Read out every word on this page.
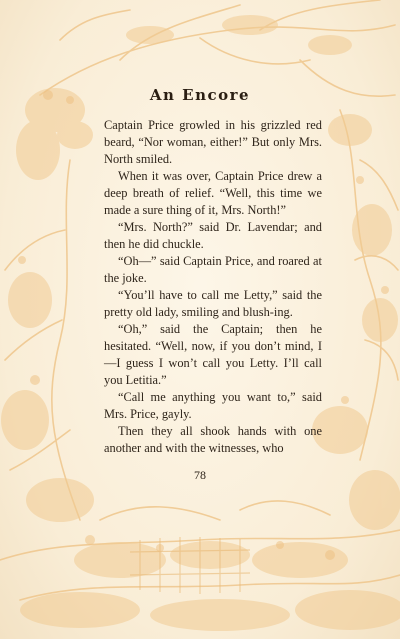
An Encore

Captain Price growled in his grizzled red beard, “Nor woman, either!” But only Mrs. North smiled.

When it was over, Captain Price drew a deep breath of relief. “Well, this time we made a sure thing of it, Mrs. North!”

“Mrs. North?” said Dr. Lavendar; and then he did chuckle.

“Oh—” said Captain Price, and roared at the joke.

“You’ll have to call me Letty,” said the pretty old lady, smiling and blush-ing.

“Oh,” said the Captain; then he hesitated. “Well, now, if you don’t mind, I—I guess I won’t call you Letty. I’ll call you Letitia.”

“Call me anything you want to,” said Mrs. Price, gayly.

Then they all shook hands with one another and with the witnesses, who

78
